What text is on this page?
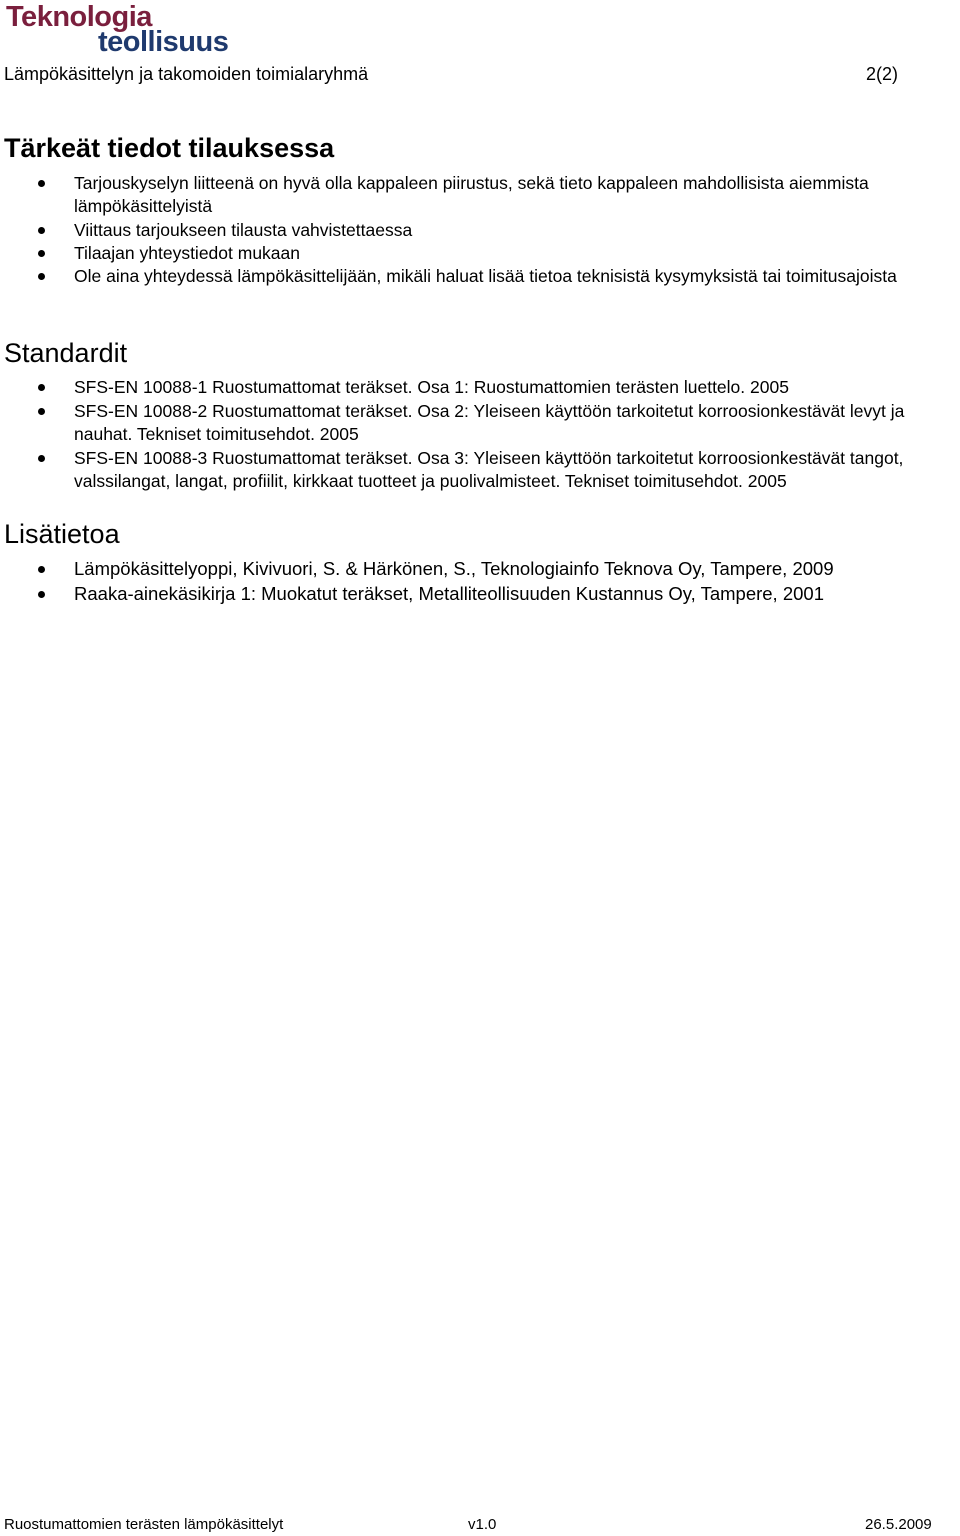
Teknologia
teollisuus
Lämpökäsittelyn ja takomoiden toimialaryhmä	2(2)
Tärkeät tiedot tilauksessa
Tarjouskyselyn liitteenä on hyvä olla kappaleen piirustus, sekä tieto kappaleen mahdollisista aiemmista lämpökäsittelyistä
Viittaus tarjoukseen tilausta vahvistettaessa
Tilaajan yhteystiedot mukaan
Ole aina yhteydessä lämpökäsittelijään, mikäli haluat lisää tietoa teknisistä kysymyksistä tai toimitusajoista
Standardit
SFS-EN 10088-1 Ruostumattomat teräkset. Osa 1: Ruostumattomien terästen luettelo. 2005
SFS-EN 10088-2 Ruostumattomat teräkset. Osa 2: Yleiseen käyttöön tarkoitetut korroosionkestävät levyt ja nauhat. Tekniset toimitusehdot. 2005
SFS-EN 10088-3 Ruostumattomat teräkset. Osa 3: Yleiseen käyttöön tarkoitetut korroosionkestävät tangot, valssilangat, langat, profiilit, kirkkaat tuotteet ja puolivalmisteet. Tekniset toimitusehdot. 2005
Lisätietoa
Lämpökäsittelyoppi, Kivivuori, S. & Härkönen, S., Teknologiainfo Teknova Oy, Tampere, 2009
Raaka-ainekäsikirja 1: Muokatut teräkset, Metalliteollisuuden Kustannus Oy, Tampere, 2001
Ruostumattomien terästen lämpökäsittelyt	v1.0	26.5.2009
